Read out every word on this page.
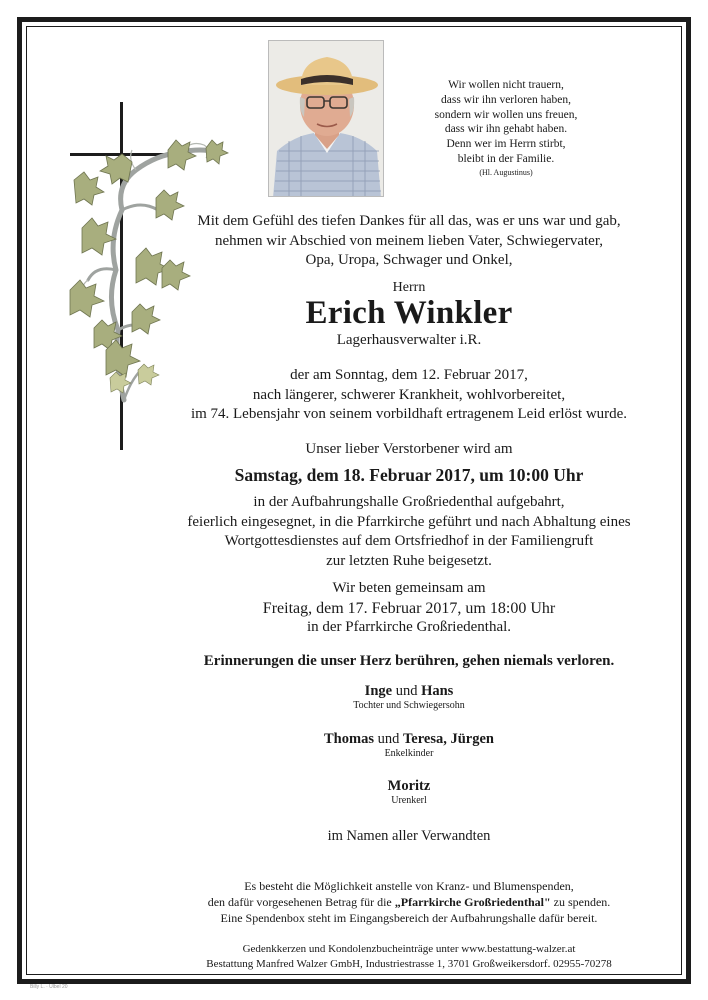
Wir wollen nicht trauern,
dass wir ihn verloren haben,
sondern wir wollen uns freuen,
dass wir ihn gehabt haben.
Denn wer im Herrn stirbt,
bleibt in der Familie.
(Hl. Augustinus)
Mit dem Gefühl des tiefen Dankes für all das, was er uns war und gab,
nehmen wir Abschied von meinem lieben Vater, Schwiegervater,
Opa, Uropa, Schwager und Onkel,
Herrn
Erich Winkler
Lagerhausverwalter i.R.
der am Sonntag, dem 12. Februar 2017,
nach längerer, schwerer Krankheit, wohlvorbereitet,
im 74. Lebensjahr von seinem vorbildhaft ertragenem Leid erlöst wurde.
Unser lieber Verstorbener wird am
Samstag, dem 18. Februar 2017, um 10:00 Uhr
in der Aufbahrungshalle Großriedenthal aufgebahrt,
feierlich eingesegnet, in die Pfarrkirche geführt und nach Abhaltung eines
Wortgottesdienstes auf dem Ortsfriedhof in der Familiengruft
zur letzten Ruhe beigesetzt.
Wir beten gemeinsam am
Freitag, dem 17. Februar 2017, um 18:00 Uhr
in der Pfarrkirche Großriedenthal.
Erinnerungen die unser Herz berühren, gehen niemals verloren.
Inge und Hans
Tochter und Schwiegersohn
Thomas und Teresa, Jürgen
Enkelkinder
Moritz
Urenkerl
im Namen aller Verwandten
Es besteht die Möglichkeit anstelle von Kranz- und Blumenspenden,
den dafür vorgesehenen Betrag für die „Pfarrkirche Großriedenthal" zu spenden.
Eine Spendenbox steht im Eingangsbereich der Aufbahrungshalle dafür bereit.
Gedenkkerzen und Kondolenzbucheinträge unter www.bestattung-walzer.at
Bestattung Manfred Walzer GmbH, Industriestrasse 1, 3701 Großweikersdorf. 02955-70278
Billy L. · Ulbel 20
